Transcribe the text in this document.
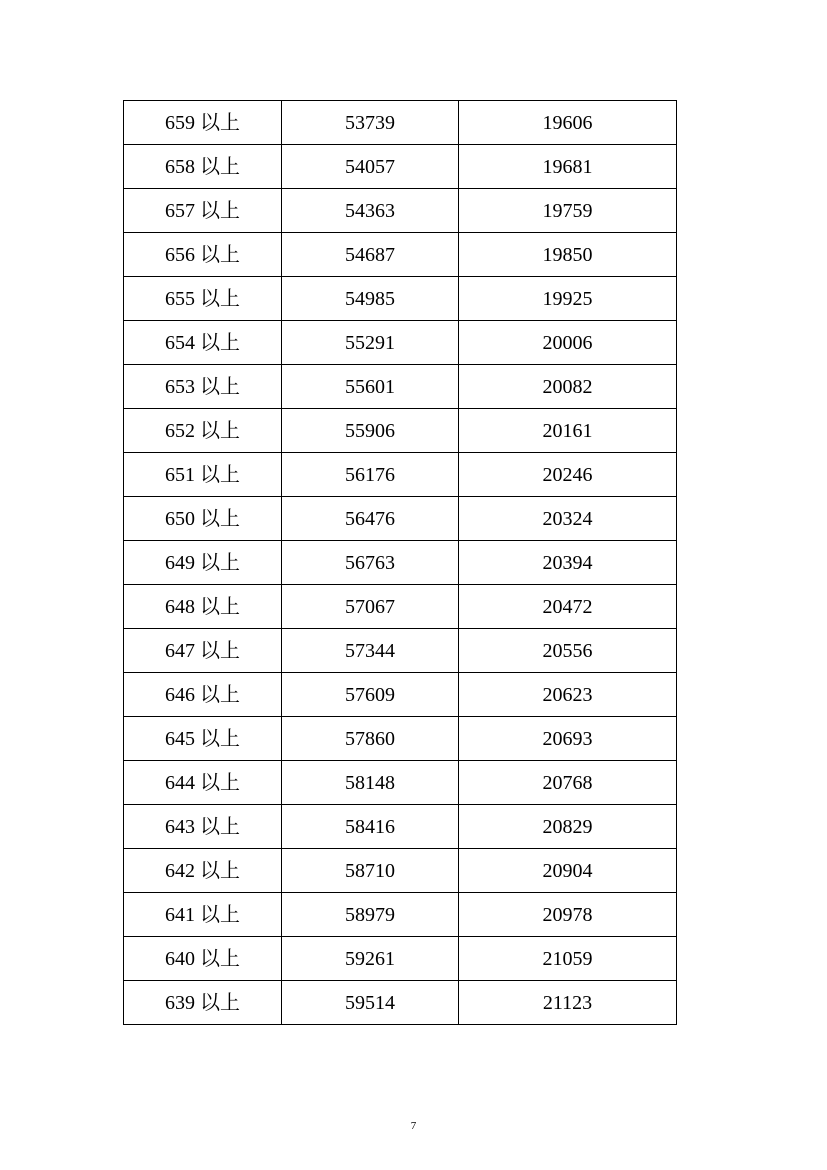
659 以上	53739	19606
658 以上	54057	19681
657 以上	54363	19759
656 以上	54687	19850
655 以上	54985	19925
654 以上	55291	20006
653 以上	55601	20082
652 以上	55906	20161
651 以上	56176	20246
650 以上	56476	20324
649 以上	56763	20394
648 以上	57067	20472
647 以上	57344	20556
646 以上	57609	20623
645 以上	57860	20693
644 以上	58148	20768
643 以上	58416	20829
642 以上	58710	20904
641 以上	58979	20978
640 以上	59261	21059
639 以上	59514	21123
7
